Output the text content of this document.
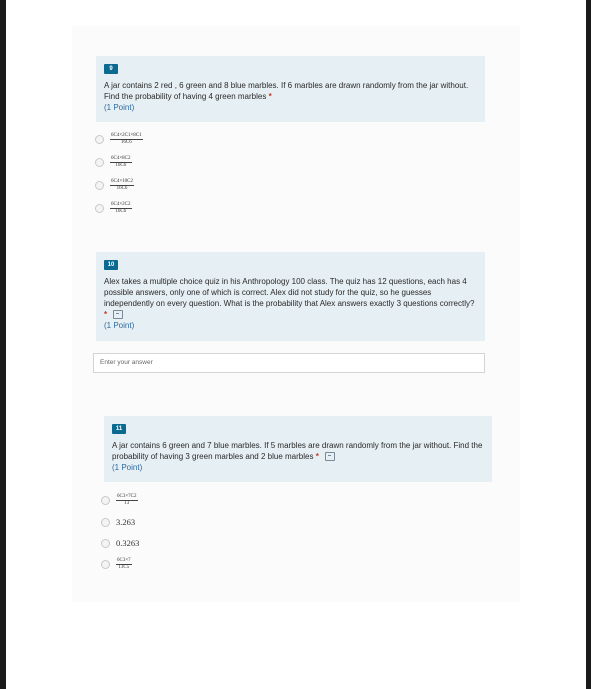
9
A jar contains 2 red , 6 green and 8 blue marbles. If 6 marbles are drawn randomly from the jar without. Find the probability of having 4 green marbles *
(1 Point)
$\frac{6C4\times 2C1\times 8C1}{16C6}$
$\frac{6C4\times 8C2}{16C6}$
$\frac{6C4\times 10C2}{16C6}$
$\frac{6C4\times 2C2}{16C6}$
10
Alex takes a multiple choice quiz in his Anthropology 100 class. The quiz has 12 questions, each has 4 possible answers, only one of which is correct. Alex did not study for the quiz, so he guesses independently on every question. What is the probability that Alex answers exactly 3 questions correctly? *
(1 Point)
Enter your answer
11
A jar contains 6 green and 7 blue marbles. If 5 marbles are drawn randomly from the jar without. Find the probability of having 3 green marbles and 2 blue marbles *
(1 Point)
$\frac{6C3\times 7C2}{13}$
3.263
0.3263
$\frac{6C3\times 7}{13C5}$
